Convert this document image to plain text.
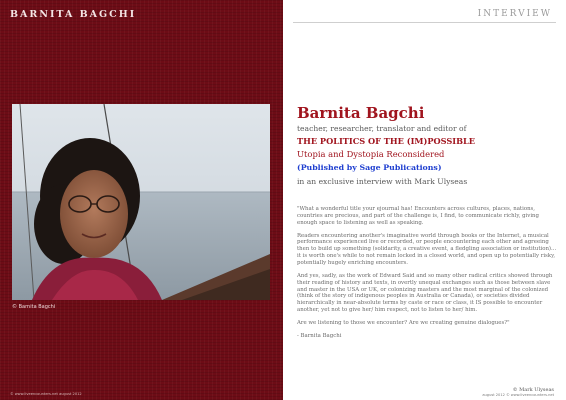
BARNITA BAGCHI
© Barnita Bagchi
© www.liveencounters.net august 2012
INTERVIEW
Barnita Bagchi
teacher, researcher, translator and editor of
THE POLITICS OF THE (IM)POSSIBLE
Utopia and Dystopia Reconsidered
(Published by Sage Publications)
in an exclusive interview with Mark Ulyseas

"What a wonderful title your ejournal has! Encounters across cultures, places, nations, countries are precious, and part of the challenge is, I find, to communicate richly, giving enough space to listening as well as speaking.

Readers encountering another's imaginative world through books or the Internet, a musical performance experienced live or recorded, or people encountering each other and agreeing then to build up something (solidarity, a creative event, a fledgling association or institution)... it is worth one's while to not remain locked in a closed world, and open up to potentially risky, potentially hugely enriching encounters.

And yes, sadly, as the work of Edward Said and so many other radical critics showed through their reading of history and texts, in overtly unequal exchanges such as those between slave and master in the USA or UK, or colonizing masters and the most marginal of the colonized (think of the story of indigenous peoples in Australia or Canada), or societies divided hierarchically in near-absolute terms by caste or race or class, it IS possible to encounter another, yet not to give her/ him respect, not to listen to her/ him.

Are we listening to those we encounter? Are we creating genuine dialogues?"

- Barnita Bagchi

© Mark Ulyseas
august 2012 © www.liveencounters.net
